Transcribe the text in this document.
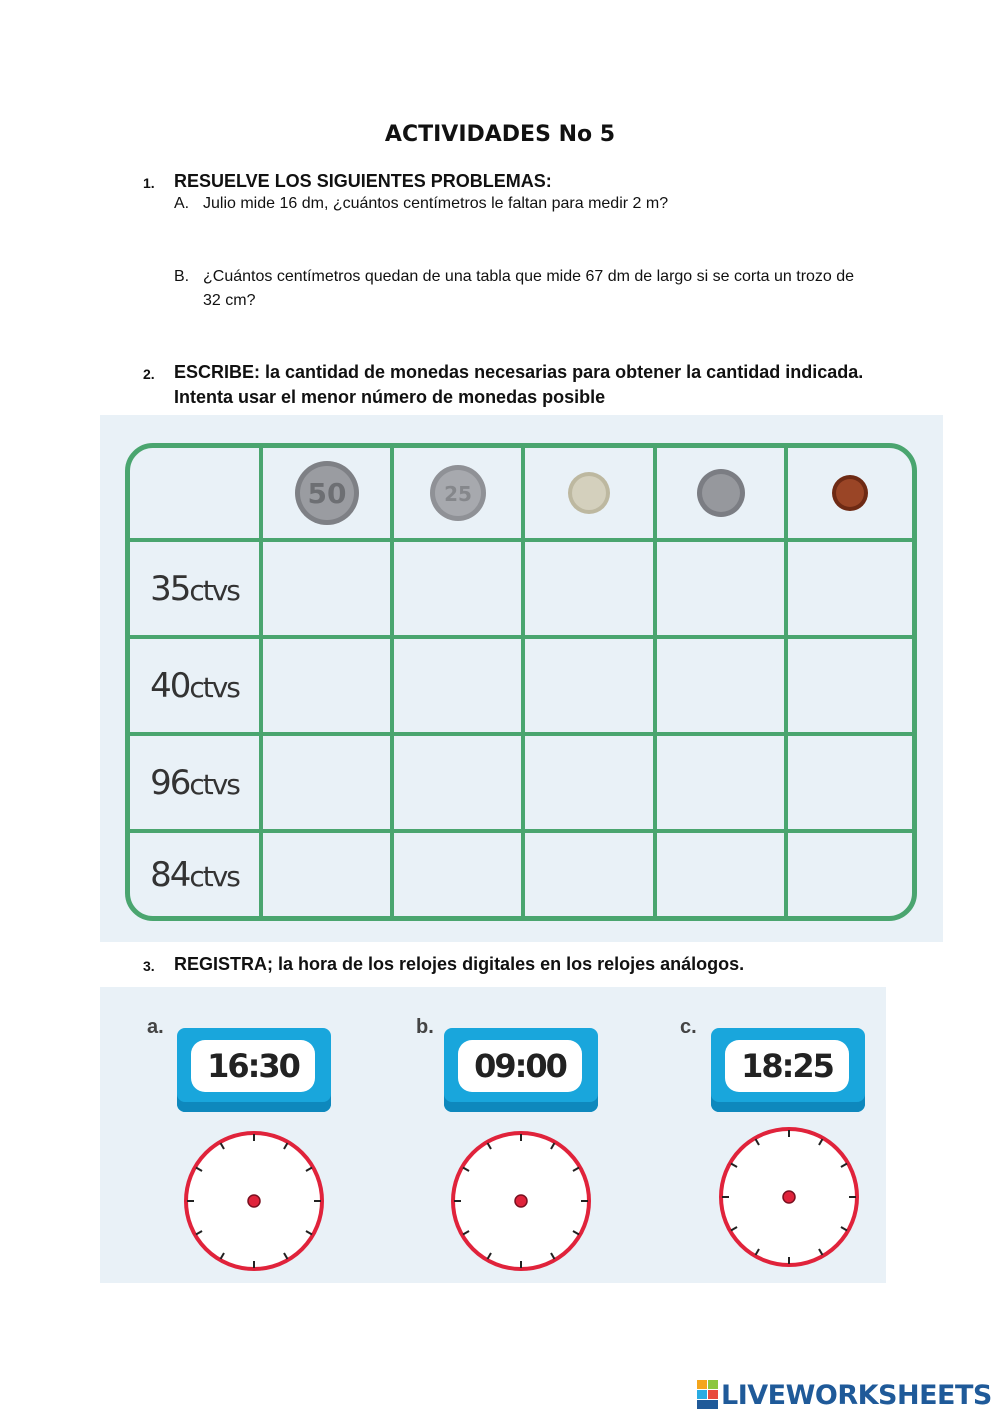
ACTIVIDADES No 5
1. RESUELVE LOS SIGUIENTES PROBLEMAS:
A. Julio mide 16 dm, ¿cuántos centímetros le faltan para medir 2 m?
B. ¿Cuántos centímetros quedan de una tabla que mide 67 dm de largo si se corta un trozo de 32 cm?
2. ESCRIBE: la cantidad de monedas necesarias para obtener la cantidad indicada. Intenta usar el menor número de monedas posible
50	25
35ctvs
40ctvs
96ctvs
84ctvs
3. REGISTRA; la hora de los relojes digitales en los relojes análogos.
a.
16:30
b.
09:00
c.
18:25
LIVEWORKSHEETS
